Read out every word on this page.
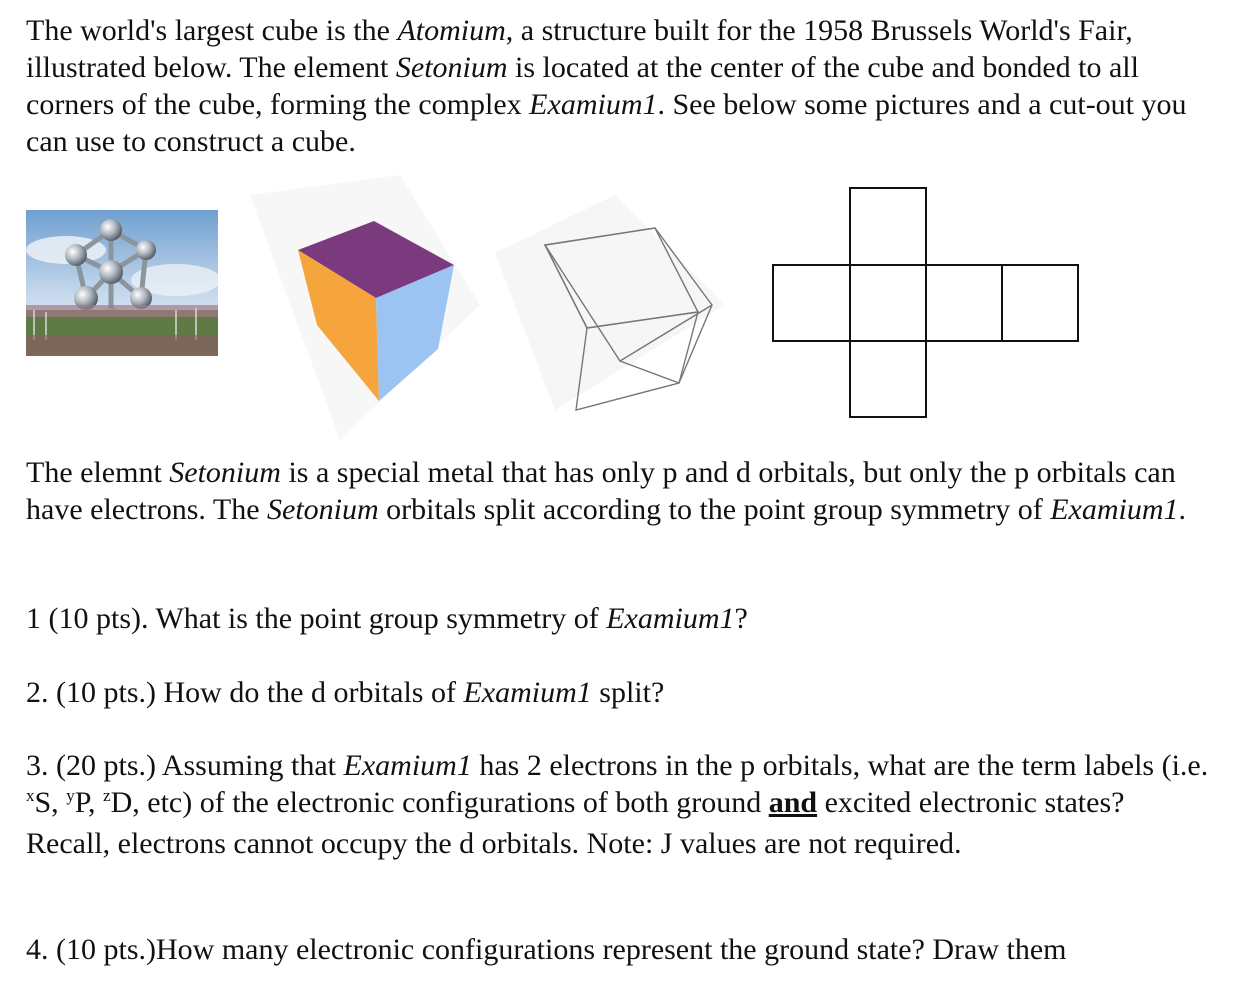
The world's largest cube is the Atomium, a structure built for the 1958 Brussels World's Fair, illustrated below. The element Setonium is located at the center of the cube and bonded to all corners of the cube, forming the complex Examium1. See below some pictures and a cut-out you can use to construct a cube.

The elemnt Setonium is a special metal that has only p and d orbitals, but only the p orbitals can have electrons. The Setonium orbitals split according to the point group symmetry of Examium1.

1 (10 pts). What is the point group symmetry of Examium1?

2. (10 pts.) How do the d orbitals of Examium1 split?

3. (20 pts.) Assuming that Examium1 has 2 electrons in the p orbitals, what are the term labels (i.e. $^x$S, $^y$P, $^z$D, etc) of the electronic configurations of both ground and excited electronic states? Recall, electrons cannot occupy the d orbitals. Note: J values are not required.

4. (10 pts.)How many electronic configurations represent the ground state? Draw them
